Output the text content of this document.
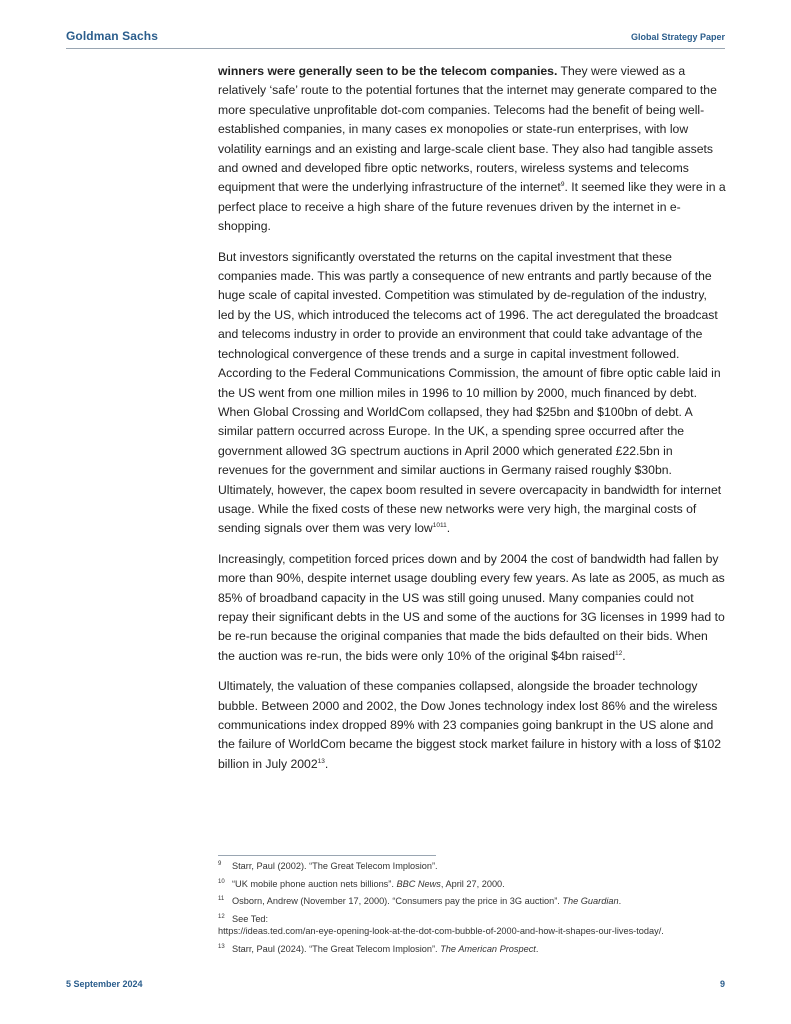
Goldman Sachs	Global Strategy Paper

winners were generally seen to be the telecom companies. They were viewed as a relatively ‘safe’ route to the potential fortunes that the internet may generate compared to the more speculative unprofitable dot-com companies. Telecoms had the benefit of being well-established companies, in many cases ex monopolies or state-run enterprises, with low volatility earnings and an existing and large-scale client base. They also had tangible assets and owned and developed fibre optic networks, routers, wireless systems and telecoms equipment that were the underlying infrastructure of the internet$^9$. It seemed like they were in a perfect place to receive a high share of the future revenues driven by the internet in e-shopping.

But investors significantly overstated the returns on the capital investment that these companies made. This was partly a consequence of new entrants and partly because of the huge scale of capital invested. Competition was stimulated by de-regulation of the industry, led by the US, which introduced the telecoms act of 1996. The act deregulated the broadcast and telecoms industry in order to provide an environment that could take advantage of the technological convergence of these trends and a surge in capital investment followed. According to the Federal Communications Commission, the amount of fibre optic cable laid in the US went from one million miles in 1996 to 10 million by 2000, much financed by debt. When Global Crossing and WorldCom collapsed, they had $25bn and $100bn of debt. A similar pattern occurred across Europe. In the UK, a spending spree occurred after the government allowed 3G spectrum auctions in April 2000 which generated £22.5bn in revenues for the government and similar auctions in Germany raised roughly $30bn. Ultimately, however, the capex boom resulted in severe overcapacity in bandwidth for internet usage. While the fixed costs of these new networks were very high, the marginal costs of sending signals over them was very low$^{1011}$.

Increasingly, competition forced prices down and by 2004 the cost of bandwidth had fallen by more than 90%, despite internet usage doubling every few years. As late as 2005, as much as 85% of broadband capacity in the US was still going unused. Many companies could not repay their significant debts in the US and some of the auctions for 3G licenses in 1999 had to be re-run because the original companies that made the bids defaulted on their bids. When the auction was re-run, the bids were only 10% of the original $4bn raised$^{12}$.

Ultimately, the valuation of these companies collapsed, alongside the broader technology bubble. Between 2000 and 2002, the Dow Jones technology index lost 86% and the wireless communications index dropped 89% with 23 companies going bankrupt in the US alone and the failure of WorldCom became the biggest stock market failure in history with a loss of $102 billion in July 2002$^{13}$.

9 Starr, Paul (2002). “The Great Telecom Implosion”.
10 “UK mobile phone auction nets billions”. BBC News, April 27, 2000.
11 Osborn, Andrew (November 17, 2000). “Consumers pay the price in 3G auction”. The Guardian.
12 See Ted:
https://ideas.ted.com/an-eye-opening-look-at-the-dot-com-bubble-of-2000-and-how-it-shapes-our-lives-today/.
13 Starr, Paul (2024). “The Great Telecom Implosion”. The American Prospect.
5 September 2024	9
